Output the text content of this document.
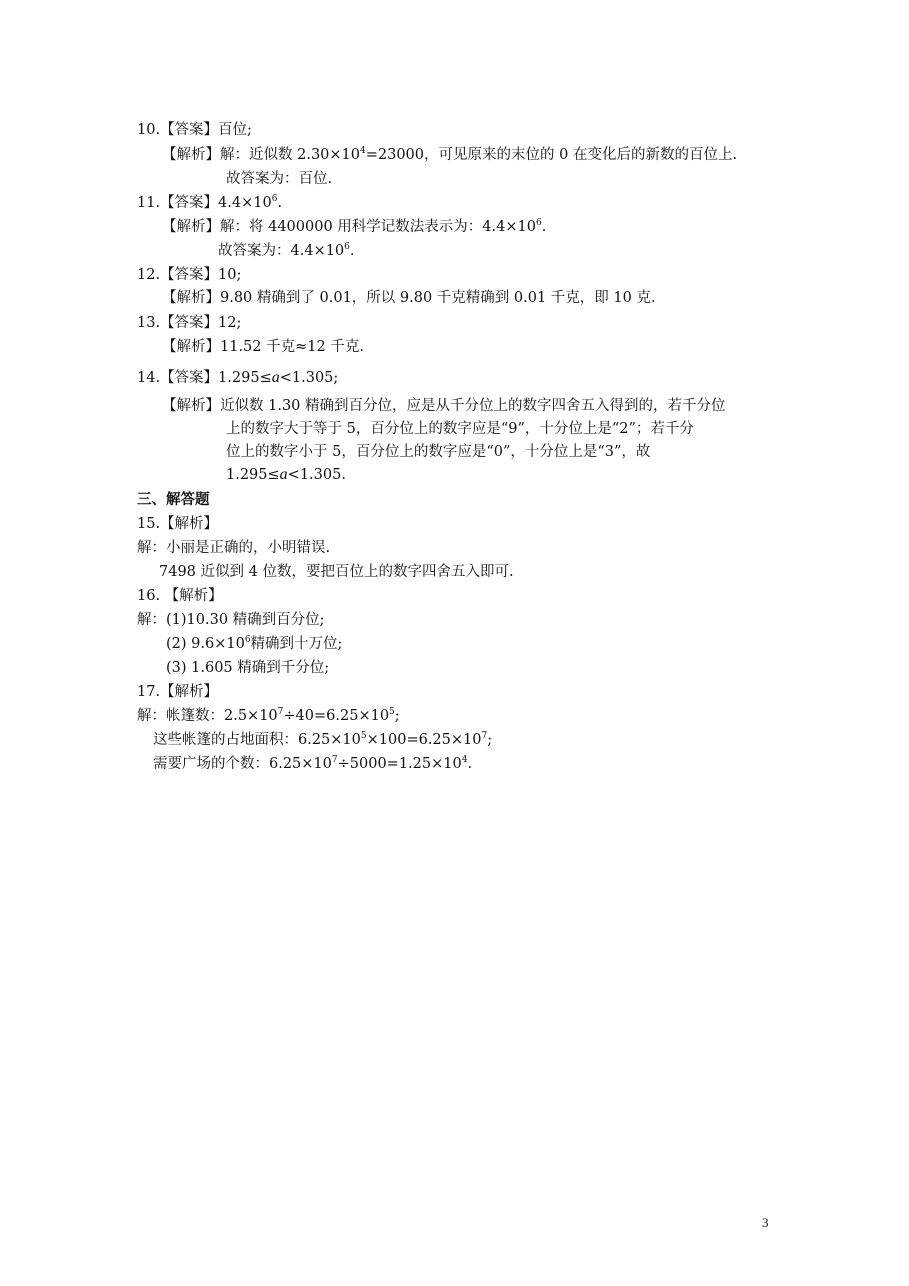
10.【答案】百位;
【解析】解：近似数 $2.30\times 10^4=23000$，可见原来的末位的 0 在变化后的新数的百位上.
故答案为：百位.
11.【答案】$4.4\times 10^6$.
【解析】解：将 4400000 用科学记数法表示为：$4.4\times 10^6$.
故答案为：$4.4\times 10^6$.
12.【答案】10;
【解析】9.80 精确到了 0.01，所以 9.80 千克精确到 0.01 千克，即 10 克.
13.【答案】12;
【解析】11.52 千克≈12 千克.
14.【答案】1.295≤a<1.305;
【解析】近似数 1.30 精确到百分位，应是从千分位上的数字四舍五入得到的，若千分位
上的数字大于等于 5，百分位上的数字应是“9”，十分位上是“2”；若千分
位上的数字小于 5，百分位上的数字应是“0”，十分位上是“3”，故
1.295≤a<1.305.
三、解答题
15.【解析】
解：小丽是正确的，小明错误.
7498 近似到 4 位数，要把百位上的数字四舍五入即可.
16. 【解析】
解：(1)10.30 精确到百分位;
(2) $9.6\times 10^6$精确到十万位;
(3) 1.605 精确到千分位;
17.【解析】
解：帐篷数：$2.5\times 10^7\div 40=6.25\times 10^5$;
这些帐篷的占地面积：$6.25\times 10^5\times 100=6.25\times 10^7$;
需要广场的个数：$6.25\times 10^7\div 5000=1.25\times 10^4$.
3
